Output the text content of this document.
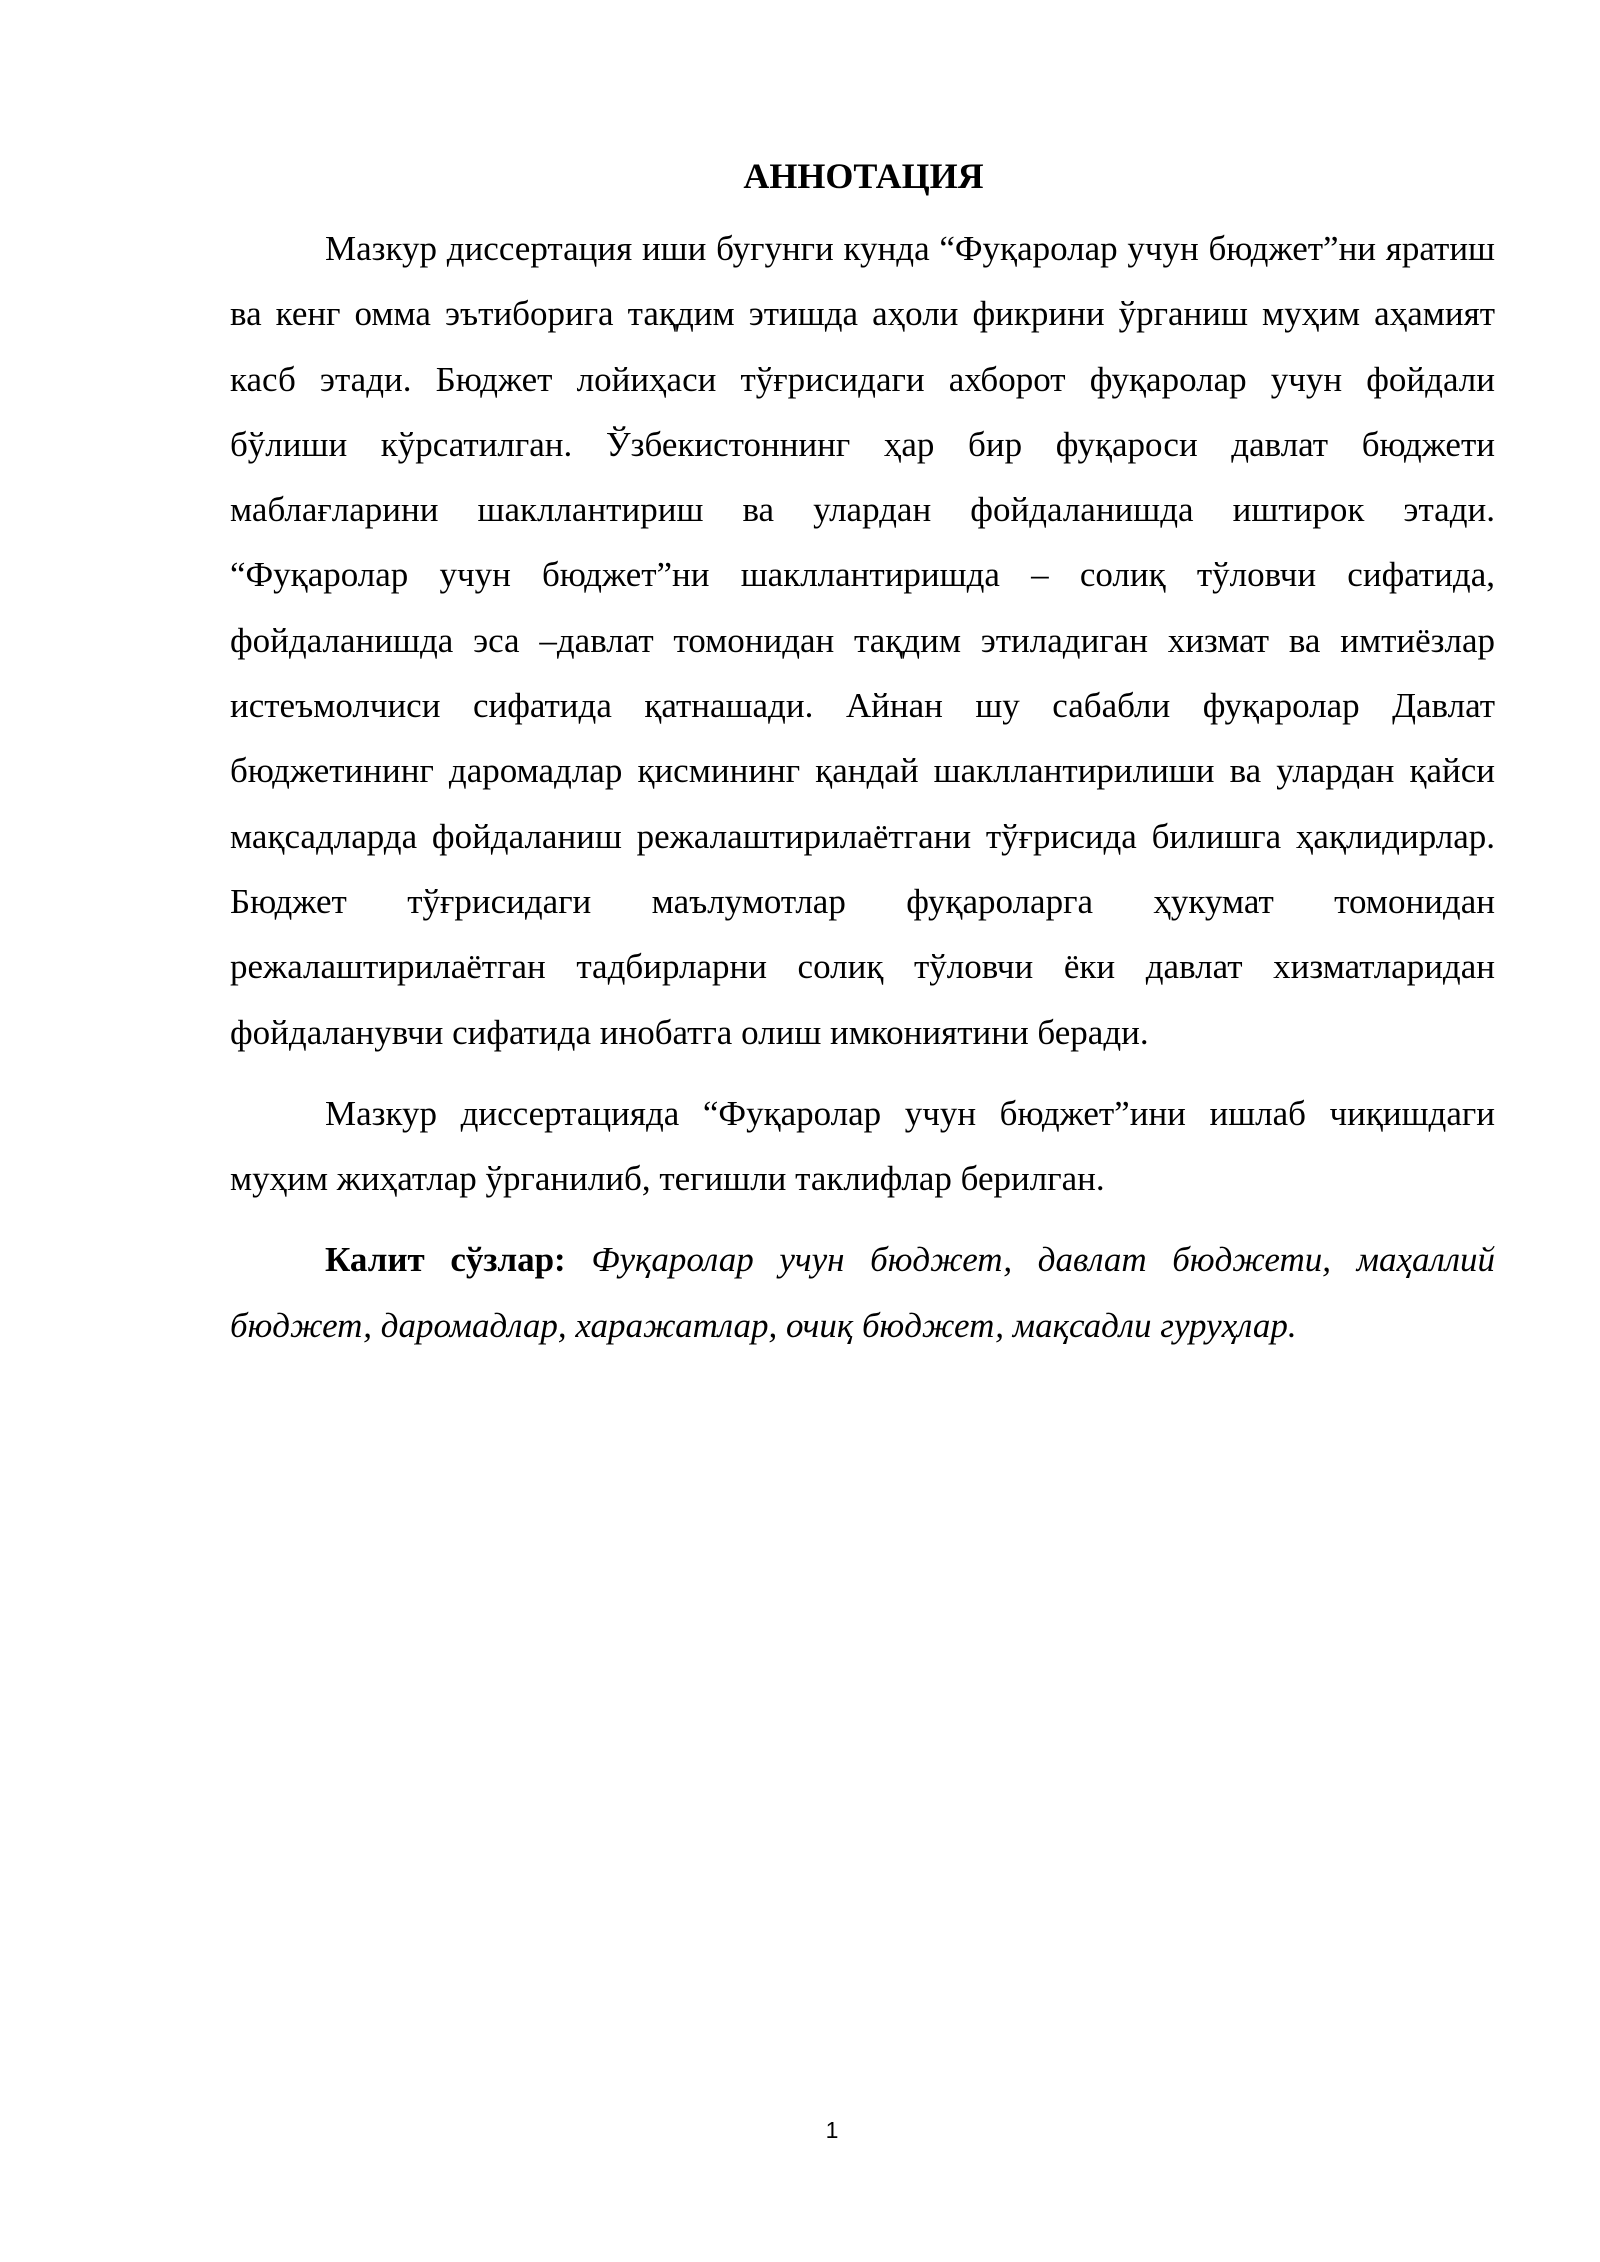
АННОТАЦИЯ

Мазкур диссертация иши бугунги кунда “Фуқаролар учун бюджет”ни яратиш ва кенг омма эътиборига тақдим этишда аҳоли фикрини ўрганиш муҳим аҳамият касб этади. Бюджет лойиҳаси тўғрисидаги ахборот фуқаролар учун фойдали бўлиши кўрсатилган. Ўзбекистоннинг ҳар бир фуқароси давлат бюджети маблағларини шакллантириш ва улардан фойдаланишда иштирок этади. “Фуқаролар учун бюджет”ни шакллантиришда – солиқ тўловчи сифатида, фойдаланишда эса –давлат томонидан тақдим этиладиган хизмат ва имтиёзлар истеъмолчиси сифатида қатнашади. Айнан шу сабабли фуқаролар Давлат бюджетининг даромадлар қисмининг қандай шакллантирилиши ва улардан қайси мақсадларда фойдаланиш режалаштирилаётгани тўғрисида билишга ҳақлидирлар. Бюджет тўғрисидаги маълумотлар фуқароларга ҳукумат томонидан режалаштирилаётган тадбирларни солиқ тўловчи ёки давлат хизматларидан фойдаланувчи сифатида инобатга олиш имкониятини беради.

Мазкур диссертацияда “Фуқаролар учун бюджет”ини ишлаб чиқишдаги муҳим жиҳатлар ўрганилиб, тегишли таклифлар берилган.

Калит сўзлар: Фуқаролар учун бюджет, давлат бюджети, маҳаллий бюджет, даромадлар, харажатлар, очиқ бюджет, мақсадли гуруҳлар.

1
